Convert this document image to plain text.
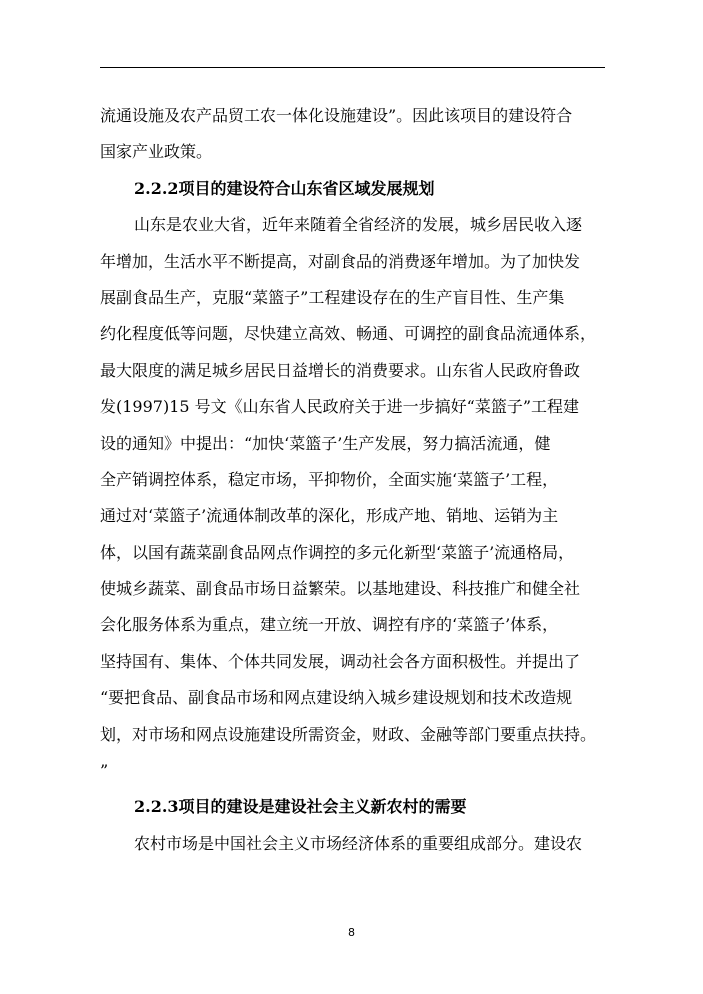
流通设施及农产品贸工农一体化设施建设”。因此该项目的建设符合
国家产业政策。
2.2.2项目的建设符合山东省区域发展规划
山东是农业大省，近年来随着全省经济的发展，城乡居民收入逐
年增加，生活水平不断提高，对副食品的消费逐年增加。为了加快发
展副食品生产，克服“菜篮子”工程建设存在的生产盲目性、生产集
约化程度低等问题，尽快建立高效、畅通、可调控的副食品流通体系，
最大限度的满足城乡居民日益增长的消费要求。山东省人民政府鲁政
发(1997)15 号文《山东省人民政府关于进一步搞好“菜篮子”工程建
设的通知》中提出：“加快‘菜篮子’生产发展，努力搞活流通，健
全产销调控体系，稳定市场，平抑物价，全面实施‘菜篮子’工程，
通过对‘菜篮子’流通体制改革的深化，形成产地、销地、运销为主
体，以国有蔬菜副食品网点作调控的多元化新型‘菜篮子’流通格局，
使城乡蔬菜、副食品市场日益繁荣。以基地建设、科技推广和健全社
会化服务体系为重点，建立统一开放、调控有序的‘菜篮子’体系，
坚持国有、集体、个体共同发展，调动社会各方面积极性。并提出了
“要把食品、副食品市场和网点建设纳入城乡建设规划和技术改造规
划，对市场和网点设施建设所需资金，财政、金融等部门要重点扶持。
”
2.2.3项目的建设是建设社会主义新农村的需要
农村市场是中国社会主义市场经济体系的重要组成部分。建设农
8
